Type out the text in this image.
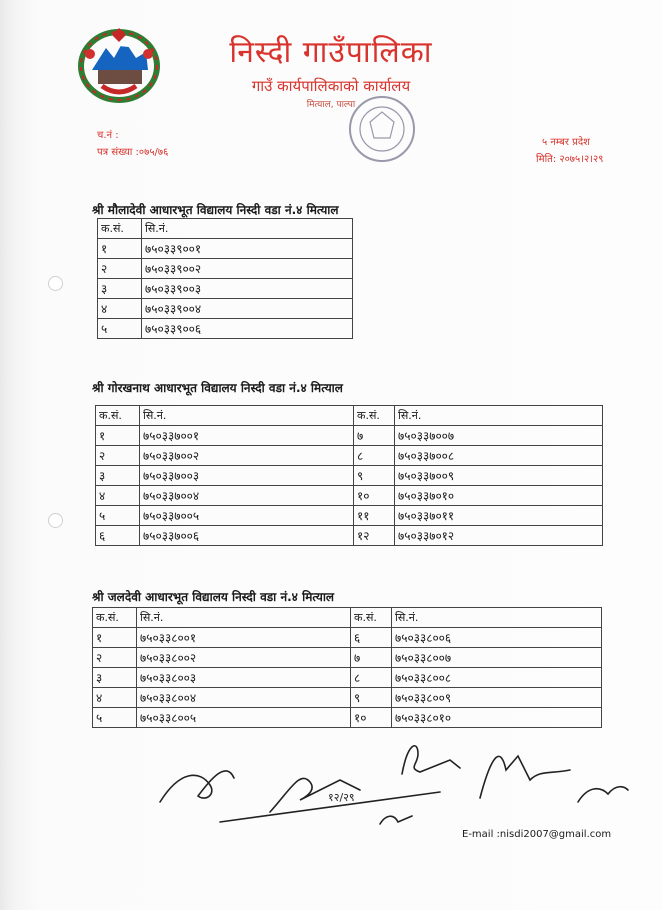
निस्दी गाउँपालिका
गाउँ कार्यपालिकाको कार्यालय
मित्याल, पाल्पा
च.नं :
पत्र संख्या :०७५/७६
५ नम्बर प्रदेश
मिति: २०७५।२।२९
श्री मौलादेवी आधारभूत विद्यालय निस्दी वडा नं.४ मित्याल
क.सं.	सि.नं.
१	७५०३३९००१
२	७५०३३९००२
३	७५०३३९००३
४	७५०३३९००४
५	७५०३३९००६
श्री गोरखनाथ आधारभूत विद्यालय निस्दी वडा नं.४ मित्याल
क.सं.	सि.नं.	क.सं.	सि.नं.
१	७५०३३७००१	७	७५०३३७००७
२	७५०३३७००२	८	७५०३३७००८
३	७५०३३७००३	९	७५०३३७००९
४	७५०३३७००४	१०	७५०३३७०१०
५	७५०३३७००५	११	७५०३३७०११
६	७५०३३७००६	१२	७५०३३७०१२
श्री जलदेवी आधारभूत विद्यालय निस्दी वडा नं.४ मित्याल
क.सं.	सि.नं.	क.सं.	सि.नं.
१	७५०३३८००१	६	७५०३३८००६
२	७५०३३८००२	७	७५०३३८००७
३	७५०३३८००३	८	७५०३३८००८
४	७५०३३८००४	९	७५०३३८००९
५	७५०३३८००५	१०	७५०३३८०१०
१२/२९
E-mail :nisdi2007@gmail.com
